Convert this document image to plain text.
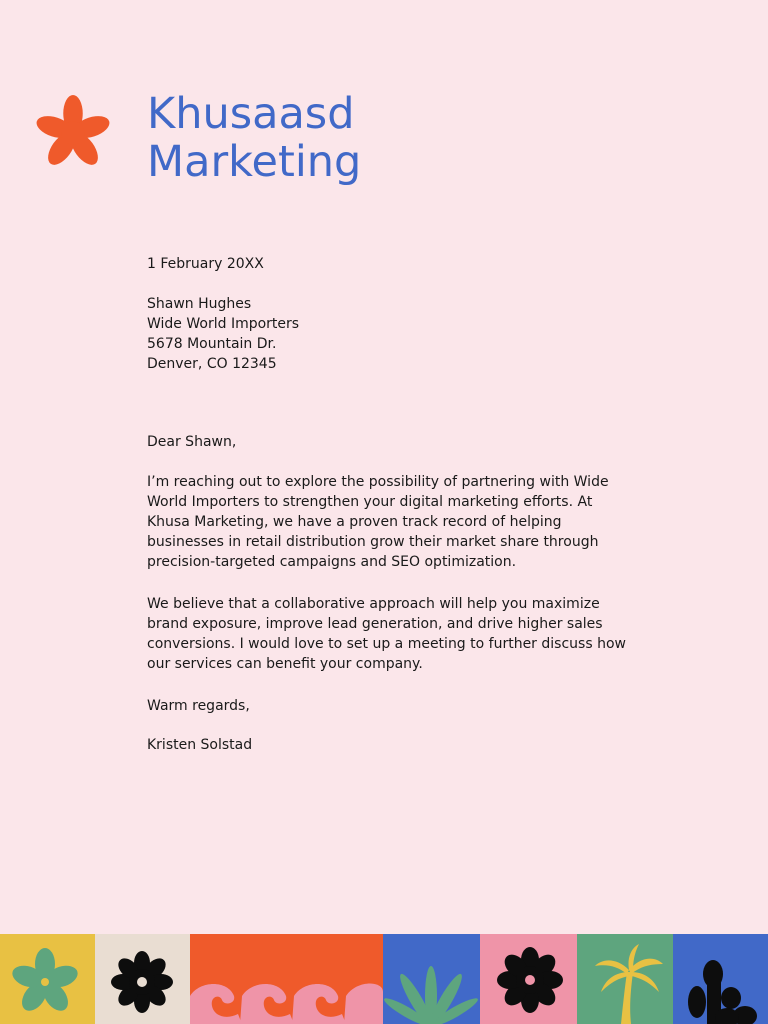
Khusaasd
Marketing

1 February 20XX

Shawn Hughes
Wide World Importers
5678 Mountain Dr.
Denver, CO 12345

Dear Shawn,

I’m reaching out to explore the possibility of partnering with Wide World Importers to strengthen your digital marketing efforts. At Khusa Marketing, we have a proven track record of helping businesses in retail distribution grow their market share through precision-targeted campaigns and SEO optimization.

We believe that a collaborative approach will help you maximize brand exposure, improve lead generation, and drive higher sales conversions. I would love to set up a meeting to further discuss how our services can benefit your company.

Warm regards,

Kristen Solstad
